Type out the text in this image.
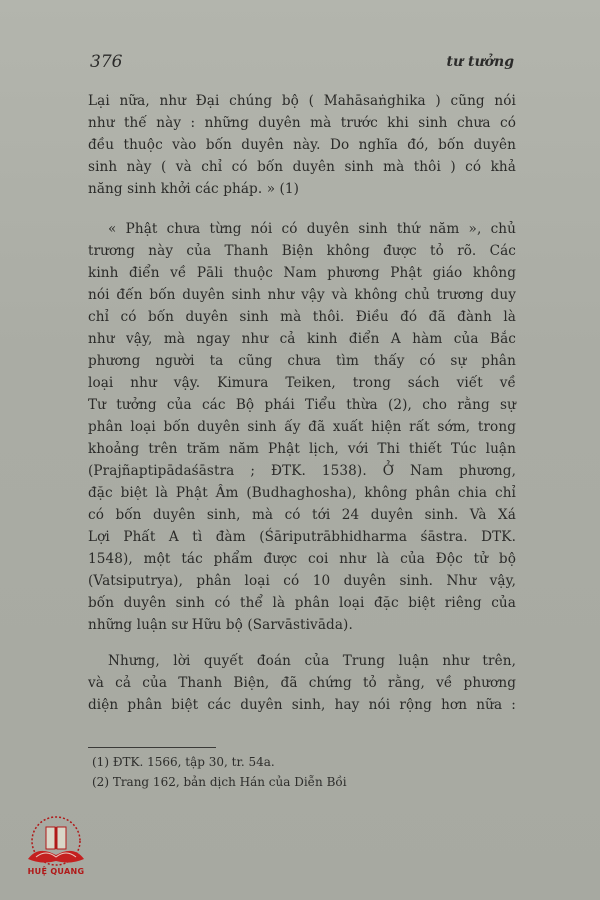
376	tư tưởng
Lại nữa, như Đại chúng bộ ( Mahāsaṅghika ) cũng nói
như thế này : những duyên mà trước khi sinh chưa có
đều thuộc vào bốn duyên này. Do nghĩa đó, bốn duyên
sinh này ( và chỉ có bốn duyên sinh mà thôi ) có khả
năng sinh khởi các pháp. » (1)
« Phật chưa từng nói có duyên sinh thứ năm », chủ
trương này của Thanh Biện không được tỏ rõ. Các
kinh điển về Pāli thuộc Nam phương Phật giáo không
nói đến bốn duyên sinh như vậy và không chủ trương duy
chỉ có bốn duyên sinh mà thôi. Điều đó đã đành là
như vậy, mà ngay như cả kinh điển A hàm của Bắc
phương người ta cũng chưa tìm thấy có sự phân
loại như vậy. Kimura Teiken, trong sách viết về
Tư tưởng của các Bộ phái Tiểu thừa (2), cho rằng sự
phân loại bốn duyên sinh ấy đã xuất hiện rất sớm, trong
khoảng trên trăm năm Phật lịch, với Thi thiết Túc luận
(Prajñaptipādaśāstra ; ĐTK. 1538). Ở Nam phương,
đặc biệt là Phật Âm (Budhaghosha), không phân chia chỉ
có bốn duyên sinh, mà có tới 24 duyên sinh. Và Xá
Lợi Phất A tì đàm (Śāriputrābhidharma śāstra. DTK.
1548), một tác phẩm được coi như là của Độc tử bộ
(Vatsiputrya), phân loại có 10 duyên sinh. Như vậy,
bốn duyên sinh có thể là phân loại đặc biệt riêng của
những luận sư Hữu bộ (Sarvāstivāda).
Nhưng, lời quyết đoán của Trung luận như trên,
và cả của Thanh Biện, đã chứng tỏ rằng, về phương
diện phân biệt các duyên sinh, hay nói rộng hơn nữa :
(1) ĐTK. 1566, tập 30, tr. 54a.
(2) Trang 162, bản dịch Hán của Diễn Bồi
HUỆ QUANG
